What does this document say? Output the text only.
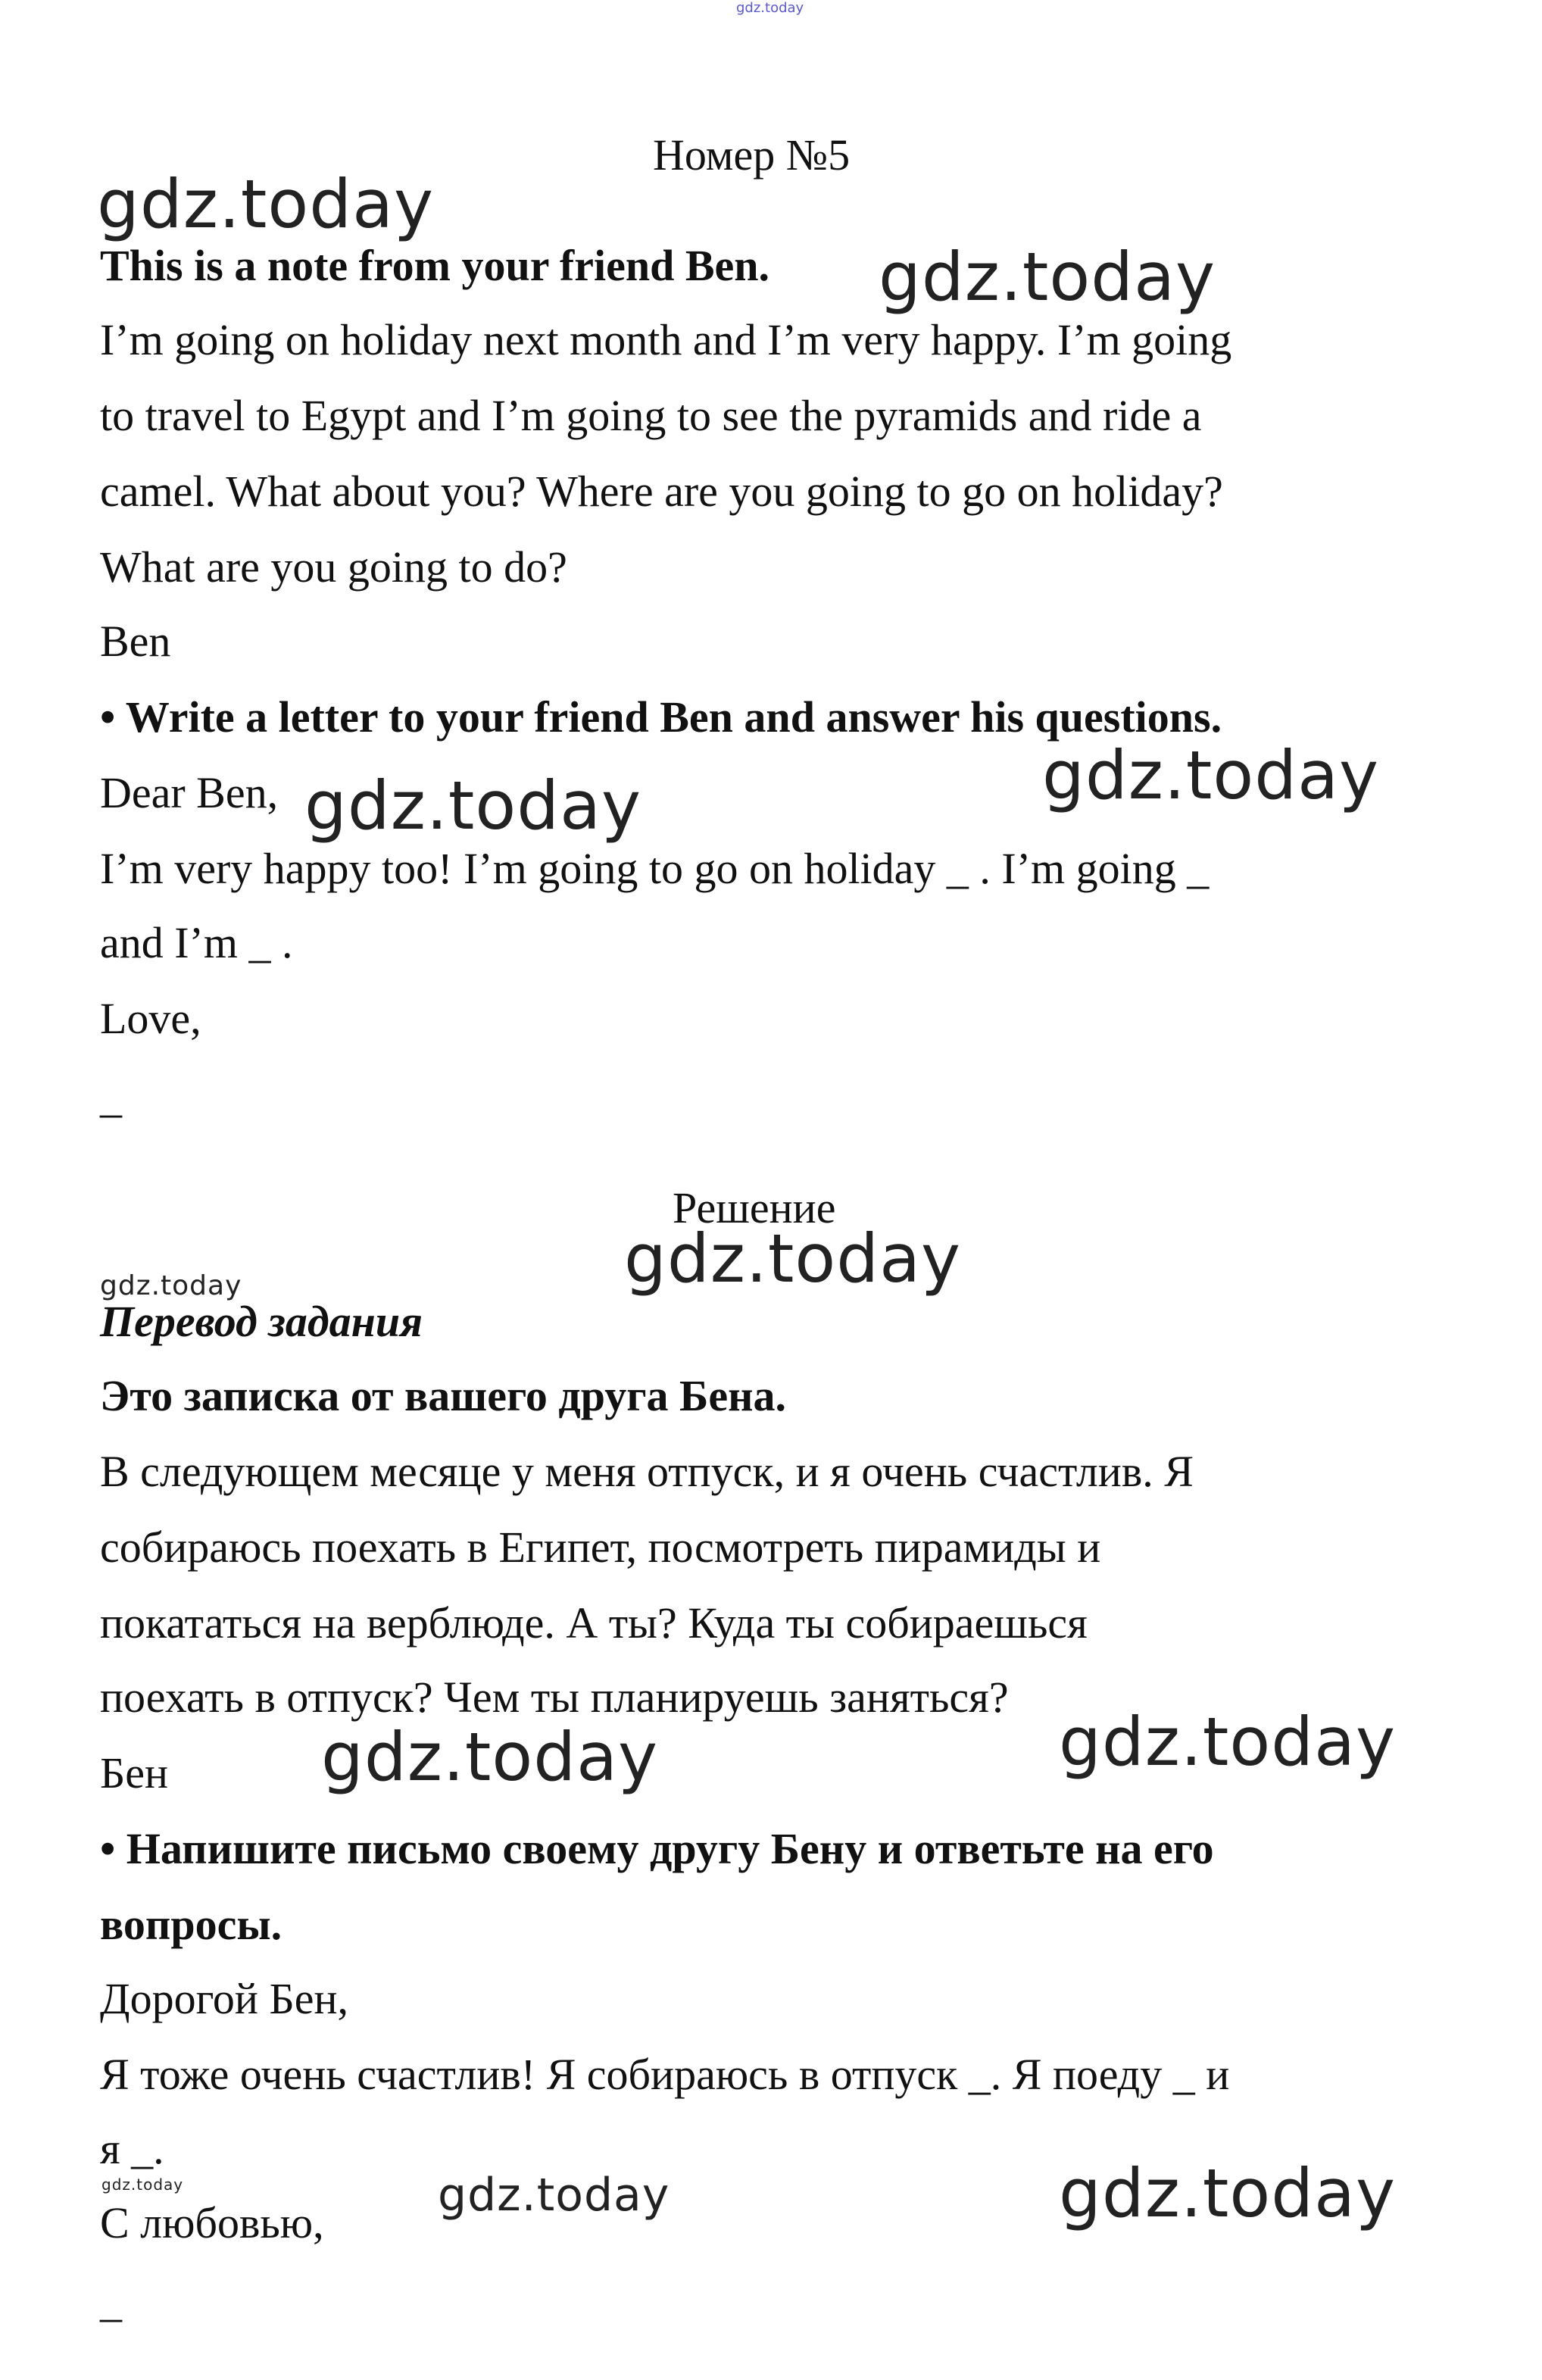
gdz.today
Номер №5
This is a note from your friend Ben.
I’m going on holiday next month and I’m very happy. I’m going
to travel to Egypt and I’m going to see the pyramids and ride a
camel. What about you? Where are you going to go on holiday?
What are you going to do?
Ben
• Write a letter to your friend Ben and answer his questions.
Dear Ben,
I’m very happy too! I’m going to go on holiday _ . I’m going _
and I’m _ .
Love,
_
Решение
Перевод задания
Это записка от вашего друга Бена.
В следующем месяце у меня отпуск, и я очень счастлив. Я
собираюсь поехать в Египет, посмотреть пирамиды и
покататься на верблюде. А ты? Куда ты собираешься
поехать в отпуск? Чем ты планируешь заняться?
Бен
• Напишите письмо своему другу Бену и ответьте на его
вопросы.
Дорогой Бен,
Я тоже очень счастлив! Я собираюсь в отпуск _. Я поеду _ и
я _.
С любовью,
_
gdz.today
gdz.today
gdz.today	gdz.today
gdz.today	gdz.today
gdz.today	gdz.today
gdz.today	gdz.today	gdz.today
